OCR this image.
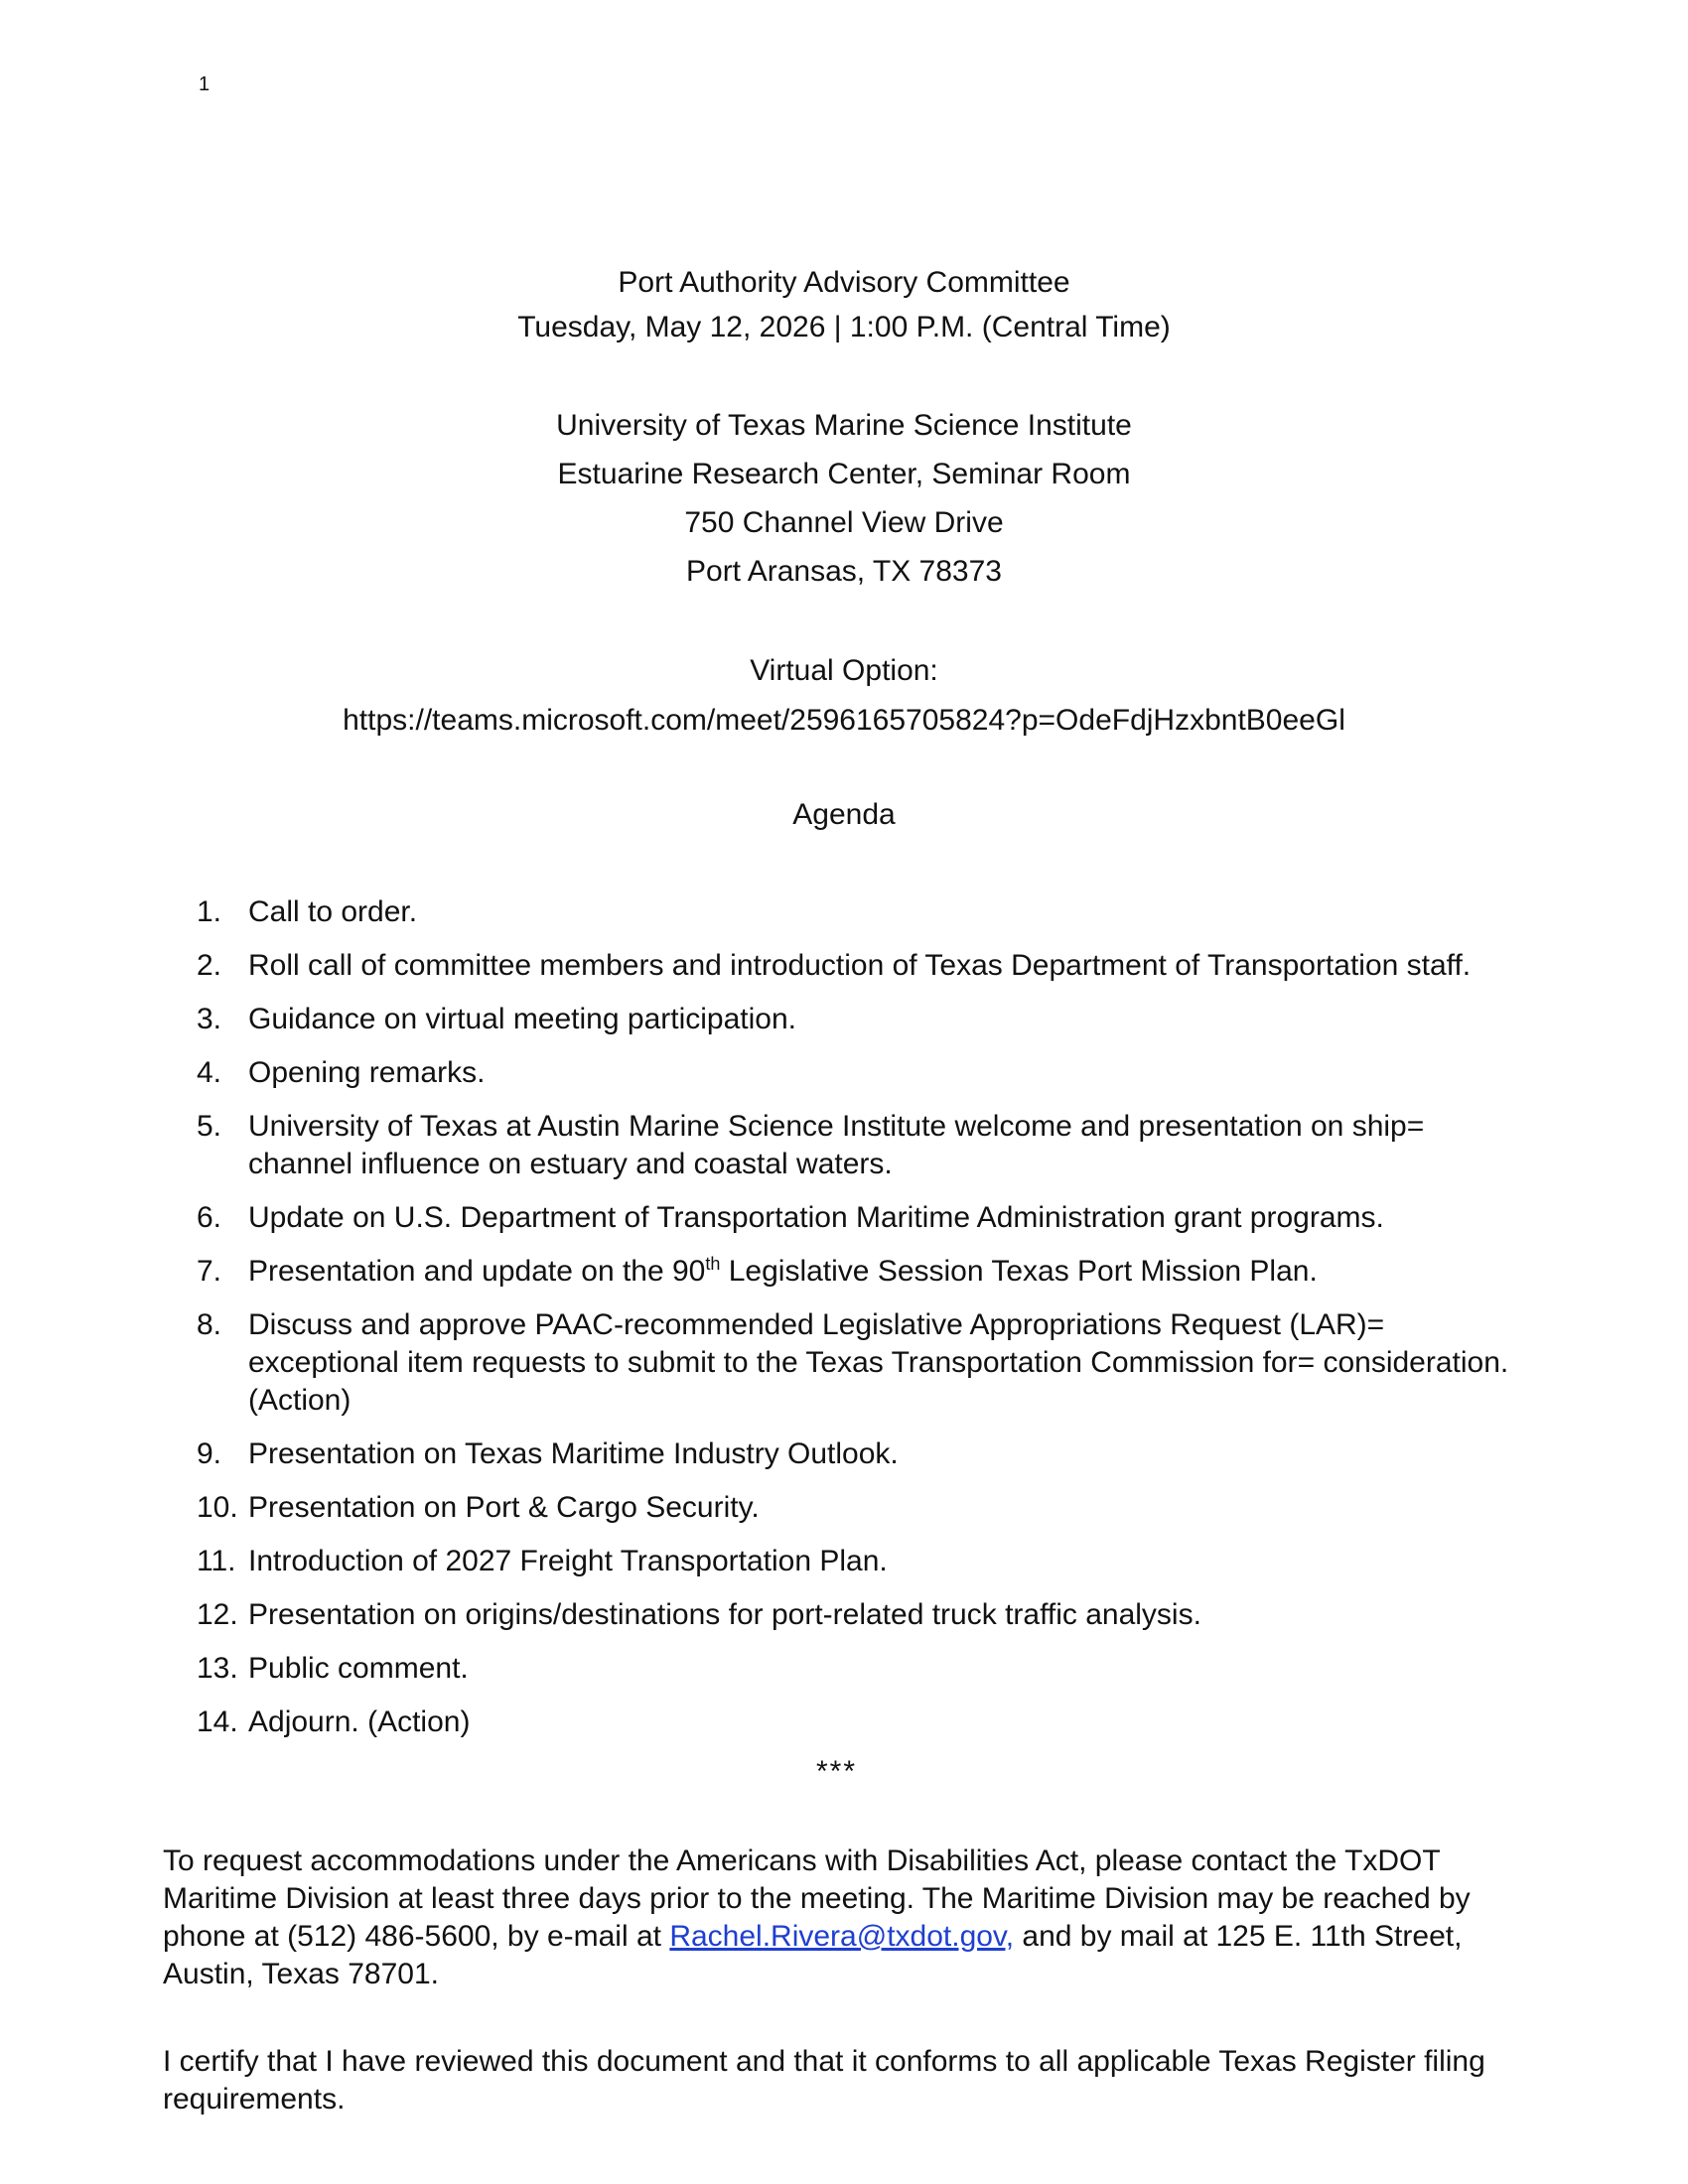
1
Port Authority Advisory Committee
Tuesday, May 12, 2026 | 1:00 P.M. (Central Time)
University of Texas Marine Science Institute
Estuarine Research Center, Seminar Room
750 Channel View Drive
Port Aransas, TX 78373
Virtual Option:
https://teams.microsoft.com/meet/2596165705824?p=OdeFdjHzxbntB0eeGl
Agenda
1. Call to order.
2. Roll call of committee members and introduction of Texas Department of Transportation staff.
3. Guidance on virtual meeting participation.
4. Opening remarks.
5. University of Texas at Austin Marine Science Institute welcome and presentation on ship= channel influence on estuary and coastal waters.
6. Update on U.S. Department of Transportation Maritime Administration grant programs.
7. Presentation and update on the 90th Legislative Session Texas Port Mission Plan.
8. Discuss and approve PAAC-recommended Legislative Appropriations Request (LAR)= exceptional item requests to submit to the Texas Transportation Commission for= consideration. (Action)
9. Presentation on Texas Maritime Industry Outlook.
10. Presentation on Port & Cargo Security.
11. Introduction of 2027 Freight Transportation Plan.
12. Presentation on origins/destinations for port-related truck traffic analysis.
13. Public comment.
14. Adjourn. (Action)
***
To request accommodations under the Americans with Disabilities Act, please contact the TxDOT Maritime Division at least three days prior to the meeting. The Maritime Division may be reached by phone at (512) 486-5600, by e-mail at Rachel.Rivera@txdot.gov, and by mail at 125 E. 11th Street, Austin, Texas 78701.
I certify that I have reviewed this document and that it conforms to all applicable Texas Register filing requirements.
